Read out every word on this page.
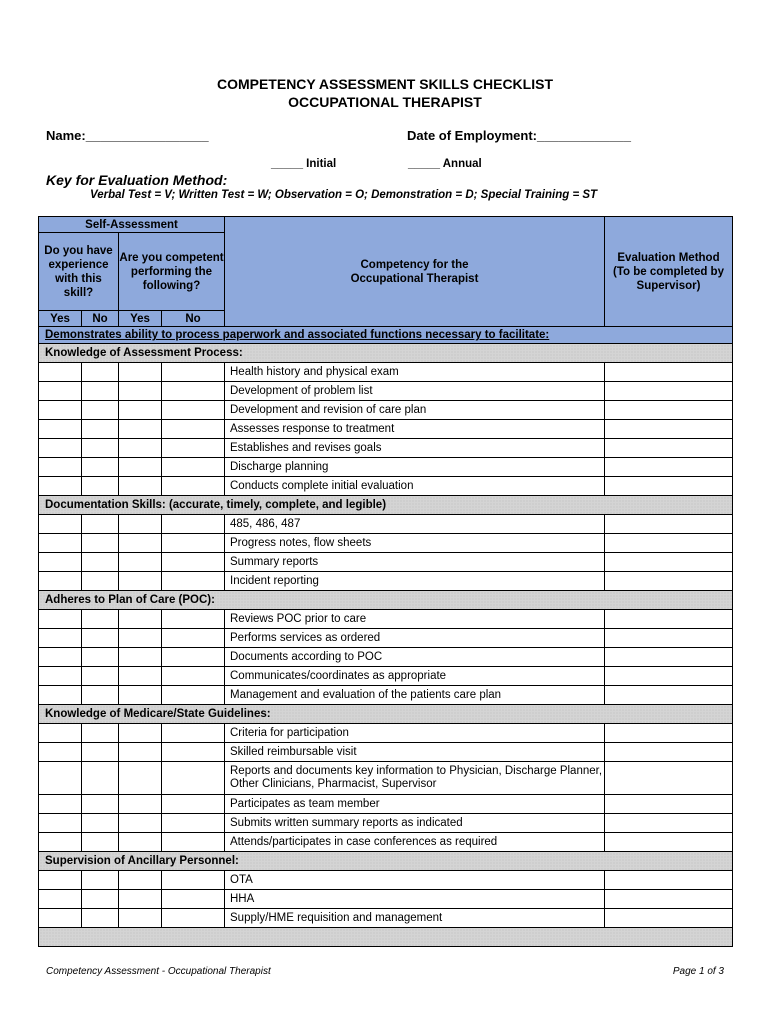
COMPETENCY ASSESSMENT SKILLS CHECKLIST
OCCUPATIONAL THERAPIST
Name:_________________	Date of Employment:_____________
_____ Initial	_____ Annual
Key for Evaluation Method:
Verbal Test = V; Written Test = W; Observation = O; Demonstration = D; Special Training = ST
Self-Assessment				Competency for the Occupational Therapist	Evaluation Method (To be completed by Supervisor)

Do you have experience with this skill?		Are you competent performing the following?			
Yes	No	Yes	No		
Demonstrates ability to process paperwork and associated functions necessary to facilitate:					
Knowledge of Assessment Process:					
				Health history and physical exam	
				Development of problem list	
				Development and revision of care plan	
				Assesses response to treatment	
				Establishes and revises goals	
				Discharge planning	
				Conducts complete initial evaluation	
Documentation Skills: (accurate, timely, complete, and legible)					
				485, 486, 487	
				Progress notes, flow sheets	
				Summary reports	
				Incident reporting	
Adheres to Plan of Care (POC):					
				Reviews POC prior to care	
				Performs services as ordered	
				Documents according to POC	
				Communicates/coordinates as appropriate	
				Management and evaluation of the patients care plan	
Knowledge of Medicare/State Guidelines:					
				Criteria for participation	
				Skilled reimbursable visit	
				Reports and documents key information to Physician, Discharge Planner, Other Clinicians, Pharmacist, Supervisor	
				Participates as team member	
				Submits written summary reports as indicated	
				Attends/participates in case conferences as required	
Supervision of Ancillary Personnel:					
				OTA	
				HHA	
				Supply/HME requisition and management	

Competency Assessment - Occupational Therapist	Page 1 of 3
